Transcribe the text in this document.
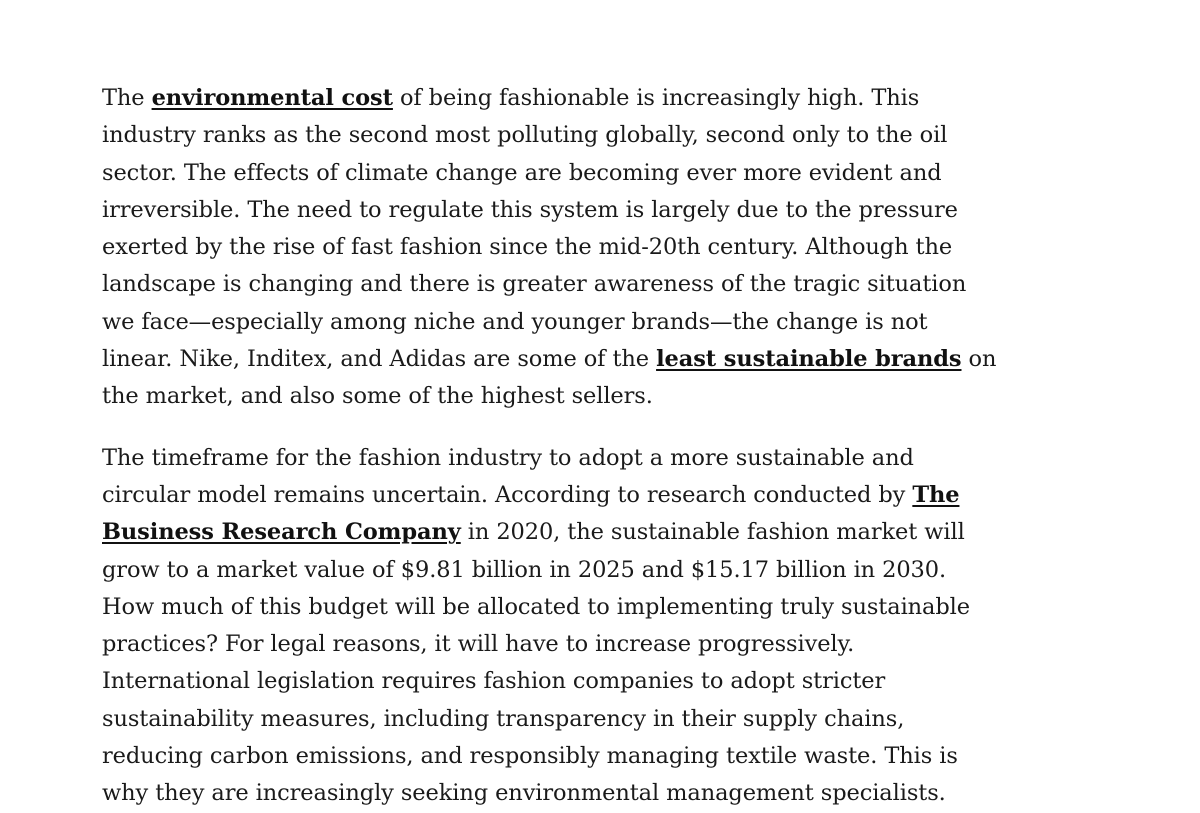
The environmental cost of being fashionable is increasingly high. This industry ranks as the second most polluting globally, second only to the oil sector. The effects of climate change are becoming ever more evident and irreversible. The need to regulate this system is largely due to the pressure exerted by the rise of fast fashion since the mid-20th century. Although the landscape is changing and there is greater awareness of the tragic situation we face—especially among niche and younger brands—the change is not linear. Nike, Inditex, and Adidas are some of the least sustainable brands on the market, and also some of the highest sellers.

The timeframe for the fashion industry to adopt a more sustainable and circular model remains uncertain. According to research conducted by The Business Research Company in 2020, the sustainable fashion market will grow to a market value of $9.81 billion in 2025 and $15.17 billion in 2030. How much of this budget will be allocated to implementing truly sustainable practices? For legal reasons, it will have to increase progressively. International legislation requires fashion companies to adopt stricter sustainability measures, including transparency in their supply chains, reducing carbon emissions, and responsibly managing textile waste. This is why they are increasingly seeking environmental management specialists.
